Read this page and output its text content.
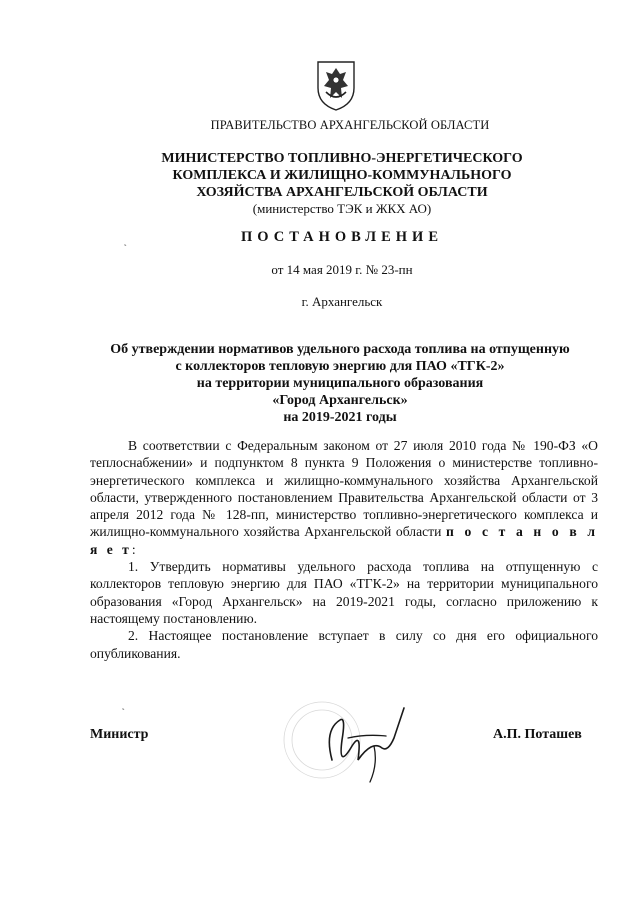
ПРАВИТЕЛЬСТВО АРХАНГЕЛЬСКОЙ ОБЛАСТИ
МИНИСТЕРСТВО ТОПЛИВНО-ЭНЕРГЕТИЧЕСКОГО
КОМПЛЕКСА И ЖИЛИЩНО-КОММУНАЛЬНОГО
ХОЗЯЙСТВА АРХАНГЕЛЬСКОЙ ОБЛАСТИ
(министерство ТЭК и ЖКХ АО)
ПОСТАНОВЛЕНИЕ
от 14 мая 2019 г. № 23-пн
г. Архангельск
Об утверждении нормативов удельного расхода топлива на отпущенную
с коллекторов тепловую энергию для ПАО «ТГК-2»
на территории муниципального образования
«Город Архангельск»
на 2019-2021 годы

В соответствии с Федеральным законом от 27 июля 2010 года № 190-ФЗ «О теплоснабжении» и подпунктом 8 пункта 9 Положения о министерстве топливно-энергетического комплекса и жилищно-коммунального хозяйства Архангельской области, утвержденного постановлением Правительства Архангельской области от 3 апреля 2012 года № 128-пп, министерство топливно-энергетического комплекса и жилищно-коммунального хозяйства Архангельской области п о с т а н о в л я е т:

1. Утвердить нормативы удельного расхода топлива на отпущенную с коллекторов тепловую энергию для ПАО «ТГК-2» на территории муниципального образования «Город Архангельск» на 2019-2021 годы, согласно приложению к настоящему постановлению.

2. Настоящее постановление вступает в силу со дня его официального опубликования.

Министр	А.П. Поташев
˛
˛
